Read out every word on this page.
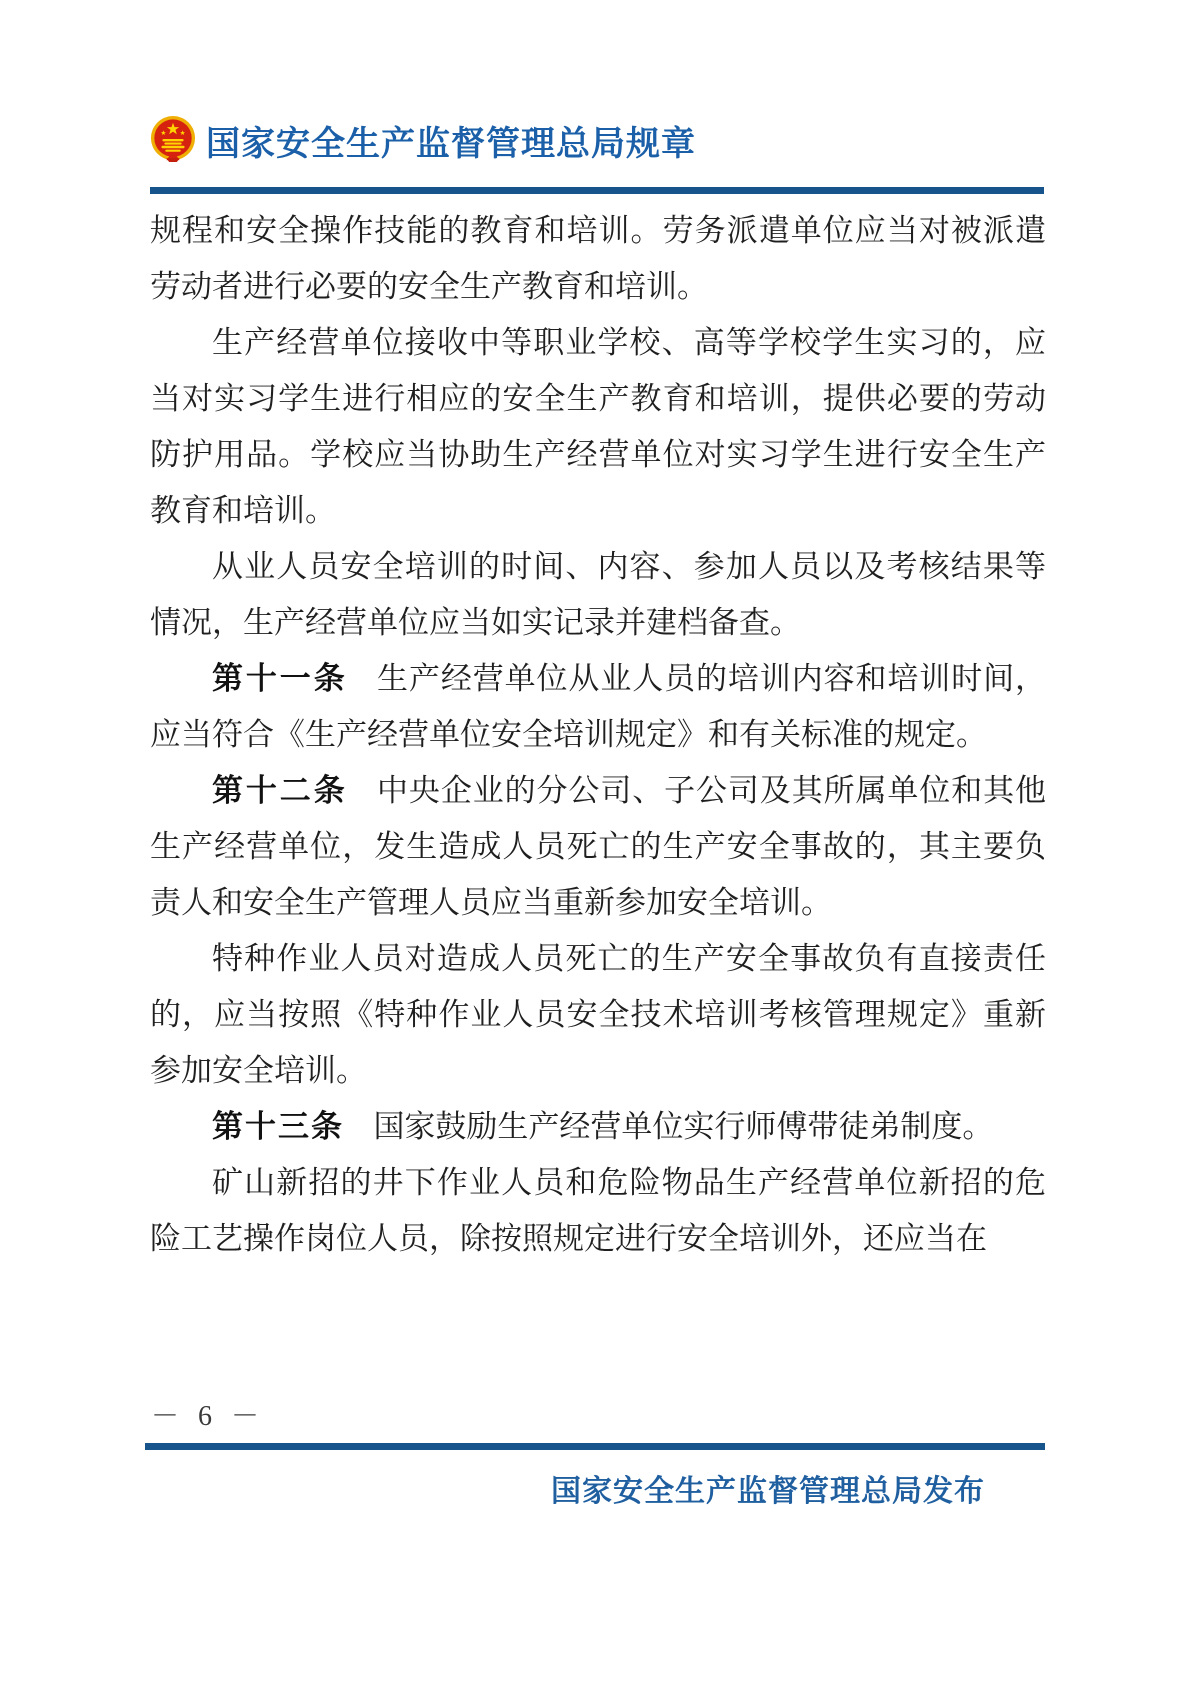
国家安全生产监督管理总局规章

规程和安全操作技能的教育和培训。劳务派遣单位应当对被派遣劳动者进行必要的安全生产教育和培训。

生产经营单位接收中等职业学校、高等学校学生实习的，应当对实习学生进行相应的安全生产教育和培训，提供必要的劳动防护用品。学校应当协助生产经营单位对实习学生进行安全生产教育和培训。

从业人员安全培训的时间、内容、参加人员以及考核结果等情况，生产经营单位应当如实记录并建档备查。

第十一条 生产经营单位从业人员的培训内容和培训时间，应当符合《生产经营单位安全培训规定》和有关标准的规定。

第十二条 中央企业的分公司、子公司及其所属单位和其他生产经营单位，发生造成人员死亡的生产安全事故的，其主要负责人和安全生产管理人员应当重新参加安全培训。

特种作业人员对造成人员死亡的生产安全事故负有直接责任的，应当按照《特种作业人员安全技术培训考核管理规定》重新参加安全培训。

第十三条 国家鼓励生产经营单位实行师傅带徒弟制度。

矿山新招的井下作业人员和危险物品生产经营单位新招的危险工艺操作岗位人员，除按照规定进行安全培训外，还应当在

－ 6 －
国家安全生产监督管理总局发布
